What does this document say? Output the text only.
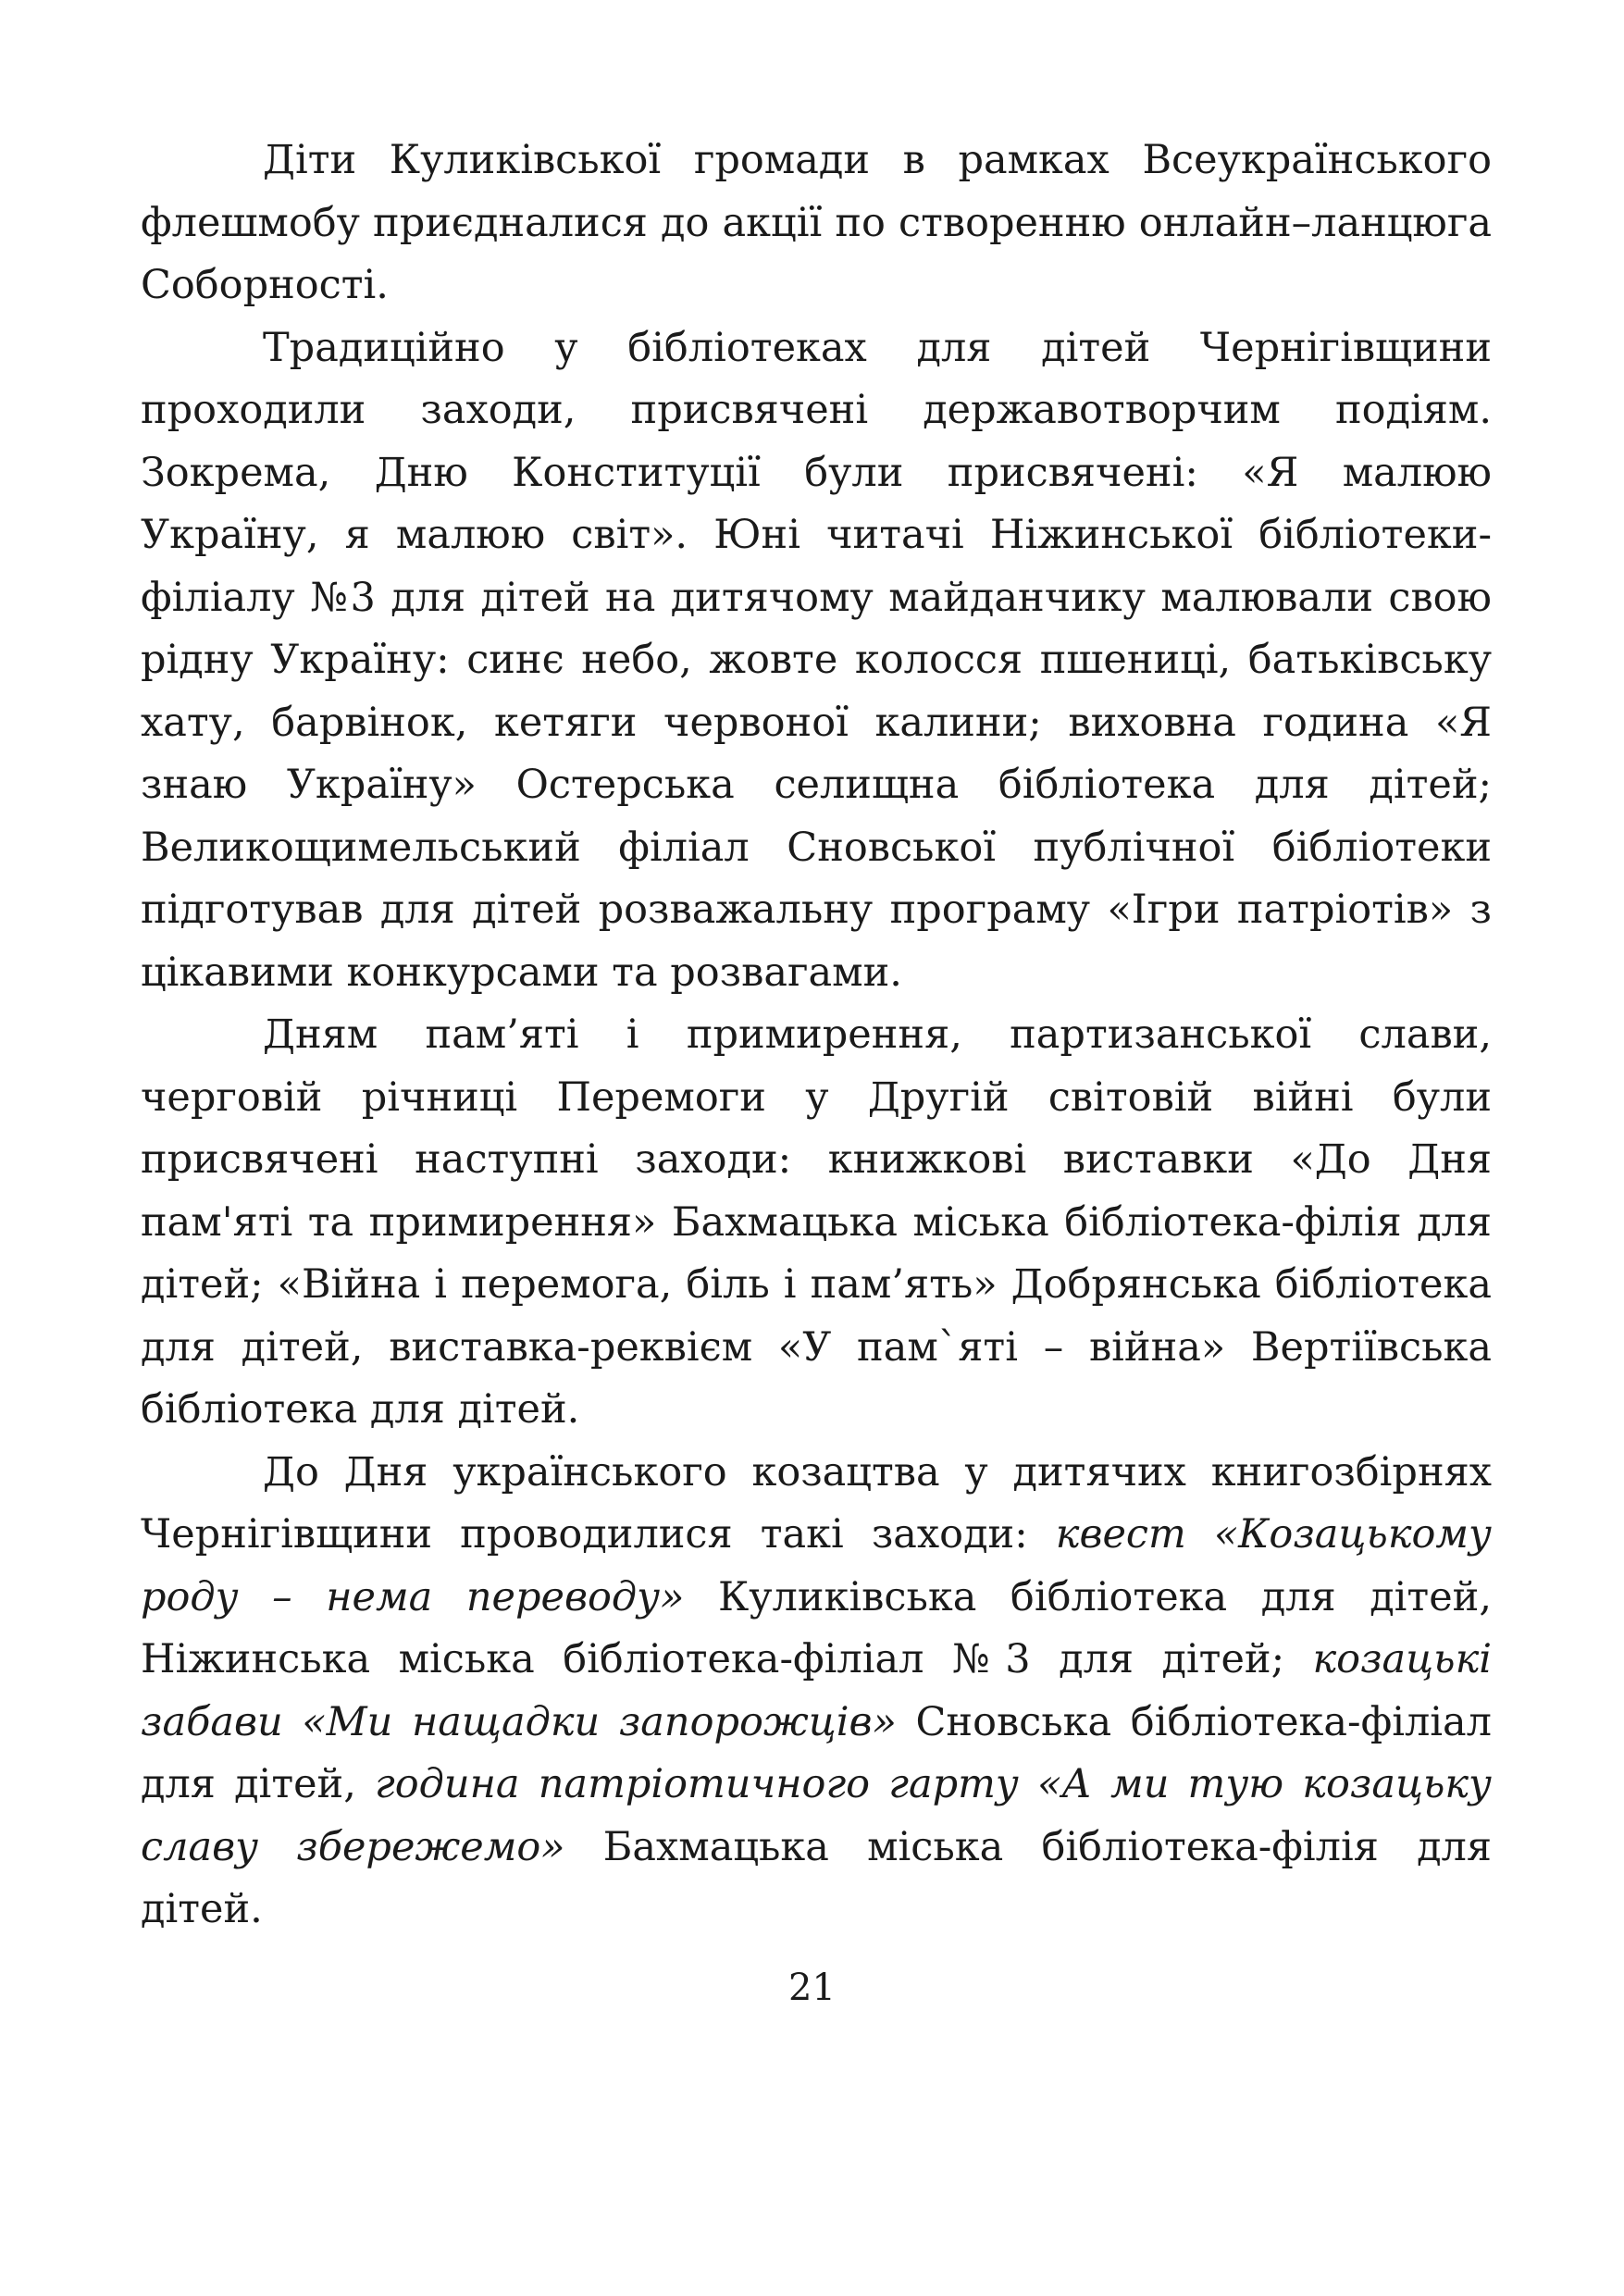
Діти Куликівської громади в рамках Всеукраїнського флешмобу приєдналися до акції по створенню онлайн–ланцюга Соборності.

Традиційно у бібліотеках для дітей Чернігівщини проходили заходи, присвячені державотворчим подіям. Зокрема, Дню Конституції були присвячені: «Я малюю Україну, я малюю світ». Юні читачі Ніжинської бібліотеки-філіалу №3 для дітей на дитячому майданчику малювали свою рідну Україну: синє небо, жовте колосся пшениці, батьківську хату, барвінок, кетяги червоної калини; виховна година «Я знаю Україну» Остерська селищна бібліотека для дітей; Великощимельський філіал Сновської публічної бібліотеки підготував для дітей розважальну програму «Ігри патріотів» з цікавими конкурсами та розвагами.

Дням пам’яті і примирення, партизанської слави, черговій річниці Перемоги у Другій світовій війні були присвячені наступні заходи: книжкові виставки «До Дня пам'яті та примирення» Бахмацька міська бібліотека-філія для дітей; «Війна і перемога, біль і пам’ять» Добрянська бібліотека для дітей, виставка-реквієм «У пам`яті – війна» Вертіївська бібліотека для дітей.

До Дня українського козацтва у дитячих книгозбірнях Чернігівщини проводилися такі заходи: квест «Козацькому роду – нема переводу» Куликівська бібліотека для дітей, Ніжинська міська бібліотека-філіал №3 для дітей; козацькі забави «Ми нащадки запорожців» Сновська бібліотека-філіал для дітей, година патріотичного гарту «А ми тую козацьку славу збережемо» Бахмацька міська бібліотека-філія для дітей.

21
